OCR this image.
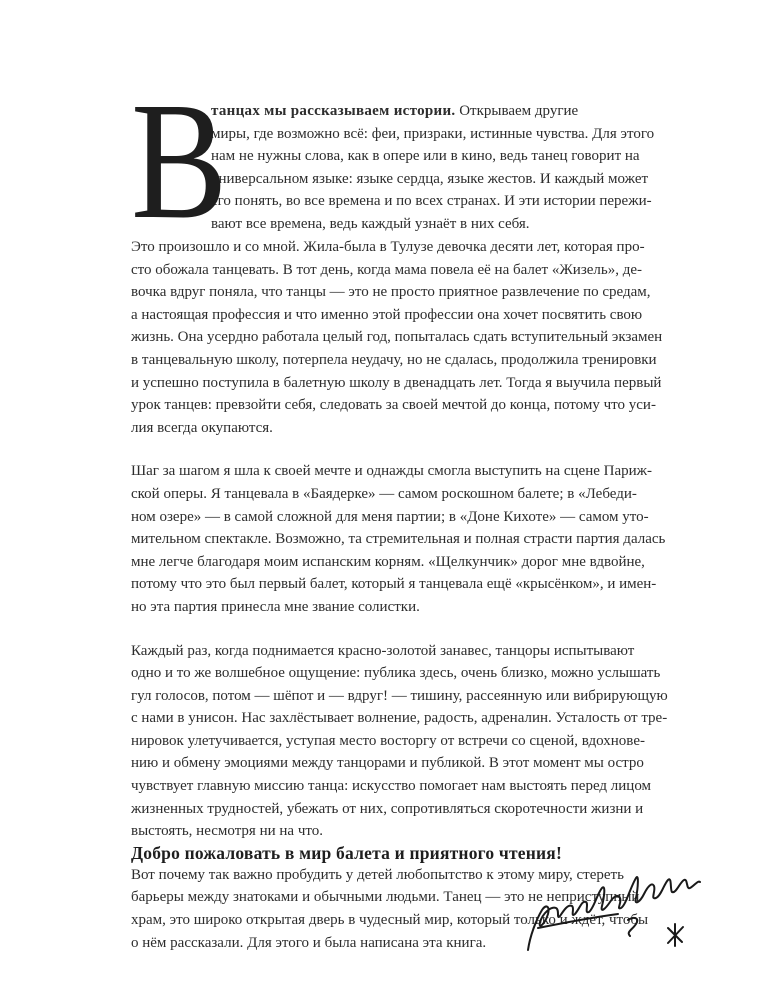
В
танцах мы рассказываем истории. Открываем другие
миры, где возможно всё: феи, призраки, истинные чувства. Для этого
нам не нужны слова, как в опере или в кино, ведь танец говорит на
универсальном языке: языке сердца, языке жестов. И каждый может
его понять, во все времена и по всех странах. И эти истории пережи-
вают все времена, ведь каждый узнаёт в них себя.

Это произошло и со мной. Жила-была в Тулузе девочка десяти лет, которая про-
сто обожала танцевать. В тот день, когда мама повела её на балет «Жизель», де-
вочка вдруг поняла, что танцы — это не просто приятное развлечение по средам,
а настоящая профессия и что именно этой профессии она хочет посвятить свою
жизнь. Она усердно работала целый год, попыталась сдать вступительный экзамен
в танцевальную школу, потерпела неудачу, но не сдалась, продолжила тренировки
и успешно поступила в балетную школу в двенадцать лет. Тогда я выучила первый
урок танцев: превзойти себя, следовать за своей мечтой до конца, потому что уси-
лия всегда окупаются.

Шаг за шагом я шла к своей мечте и однажды смогла выступить на сцене Париж-
ской оперы. Я танцевала в «Баядерке» — самом роскошном балете; в «Лебеди-
ном озере» — в самой сложной для меня партии; в «Доне Кихоте» — самом уто-
мительном спектакле. Возможно, та стремительная и полная страсти партия далась
мне легче благодаря моим испанским корням. «Щелкунчик» дорог мне вдвойне,
потому что это был первый балет, который я танцевала ещё «крысёнком», и имен-
но эта партия принесла мне звание солистки.

Каждый раз, когда поднимается красно-золотой занавес, танцоры испытывают
одно и то же волшебное ощущение: публика здесь, очень близко, можно услышать
гул голосов, потом — шёпот и — вдруг! — тишину, рассеянную или вибрирующую
с нами в унисон. Нас захлёстывает волнение, радость, адреналин. Усталость от тре-
нировок улетучивается, уступая место восторгу от встречи со сценой, вдохновe-
нию и обмену эмоциями между танцорами и публикой. В этот момент мы остро
чувствует главную миссию танца: искусство помогает нам выстоять перед лицом
жизненных трудностей, убежать от них, сопротивляться скоротечности жизни и
выстоять, несмотря ни на что.

Вот почему так важно пробудить у детей любопытство к этому миру, стереть
барьеры между знатоками и обычными людьми. Танец — это не неприступный
храм, это широко открытая дверь в чудесный мир, который только и ждёт, чтобы
о нём рассказали. Для этого и была написана эта книга.

Добро пожаловать в мир балета и приятного чтения!
